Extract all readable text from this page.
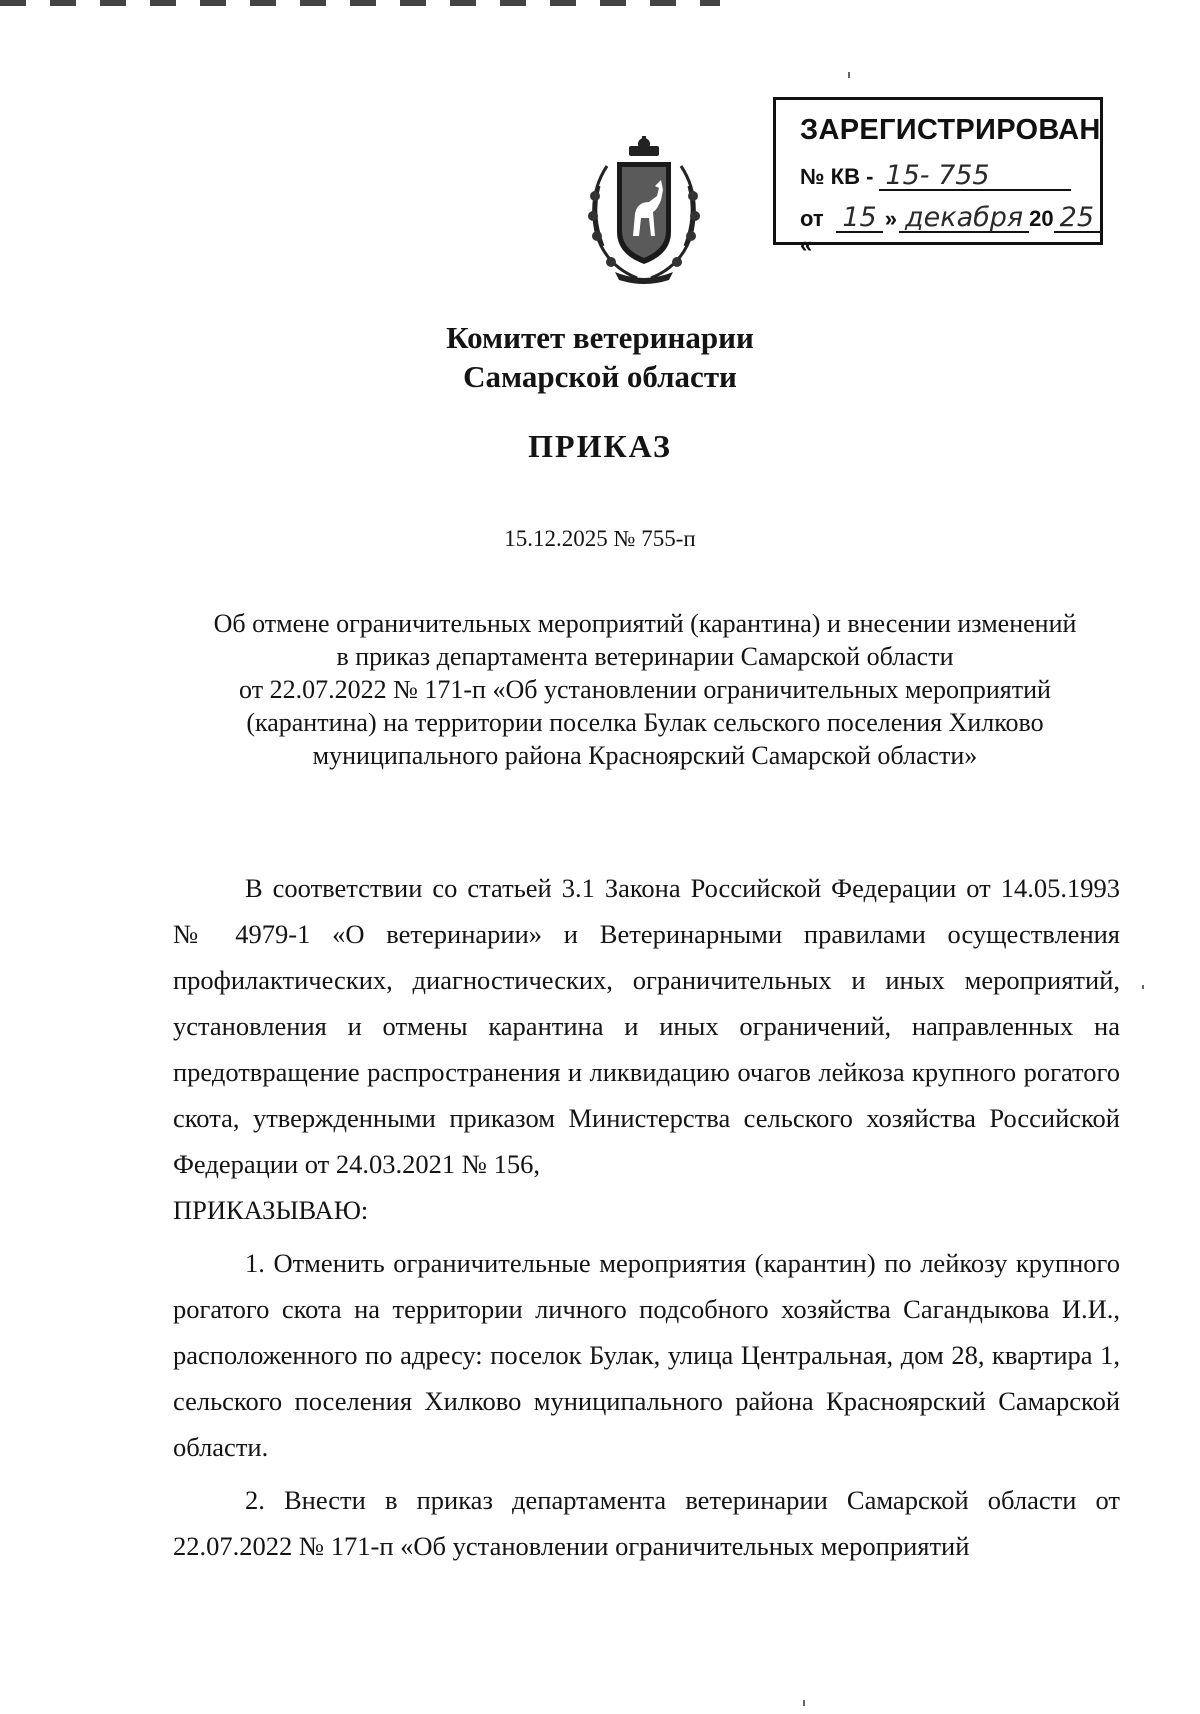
ЗАРЕГИСТРИРОВАН
№ КВ - 15- 755
от «
15 » декабря 20 25
Комитет ветеринарии
Самарской области
ПРИКАЗ
15.12.2025 № 755-п
Об отмене ограничительных мероприятий (карантина) и внесении изменений
в приказ департамента ветеринарии Самарской области
от 22.07.2022 № 171-п «Об установлении ограничительных мероприятий
(карантина) на территории поселка Булак сельского поселения Хилково
муниципального района Красноярский Самарской области»

В соответствии со статьей 3.1 Закона Российской Федерации от 14.05.1993 № 4979-1 «О ветеринарии» и Ветеринарными правилами осуществления профилактических, диагностических, ограничительных и иных мероприятий, установления и отмены карантина и иных ограничений, направленных на предотвращение распространения и ликвидацию очагов лейкоза крупного рогатого скота, утвержденными приказом Министерства сельского хозяйства Российской Федерации от 24.03.2021 № 156,

ПРИКАЗЫВАЮ:

1. Отменить ограничительные мероприятия (карантин) по лейкозу крупного рогатого скота на территории личного подсобного хозяйства Сагандыкова И.И., расположенного по адресу: поселок Булак, улица Центральная, дом 28, квартира 1, сельского поселения Хилково муниципального района Красноярский Самарской области.

2. Внести в приказ департамента ветеринарии Самарской области от 22.07.2022 № 171-п «Об установлении ограничительных мероприятий
